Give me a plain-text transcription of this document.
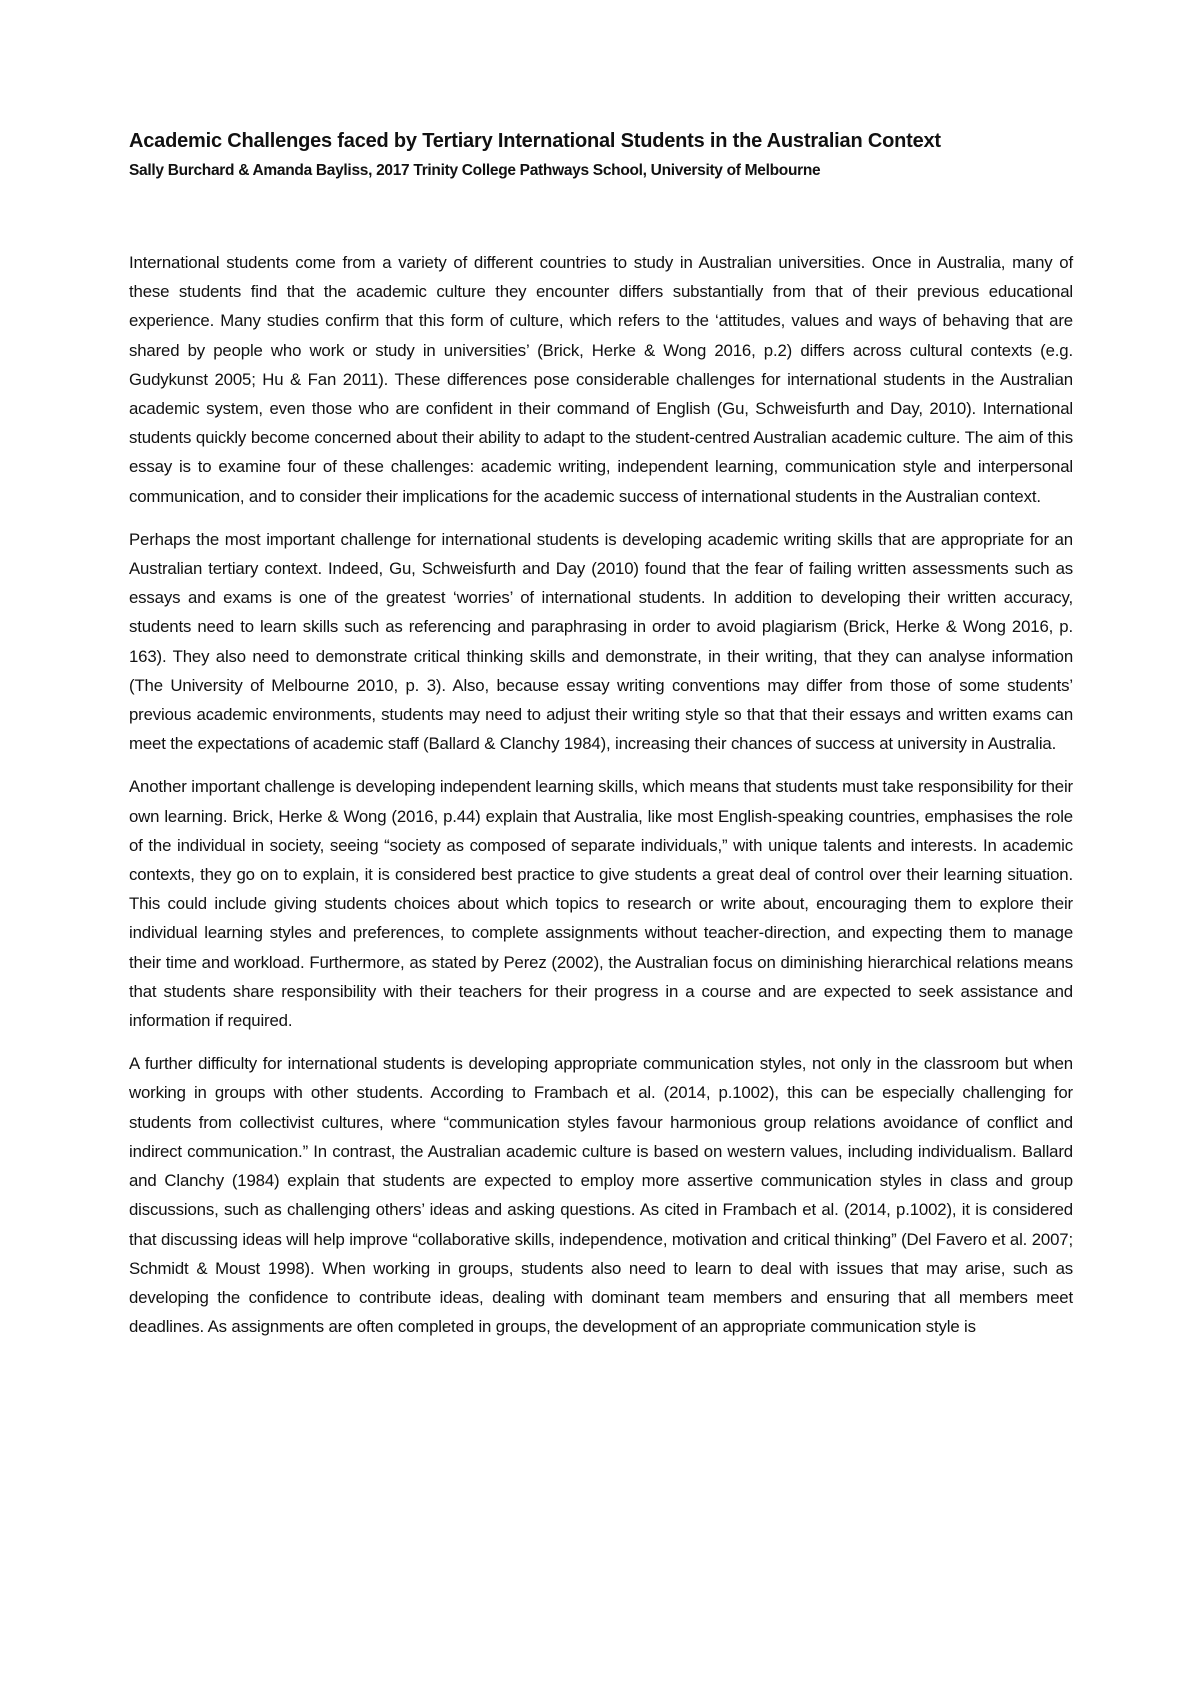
Academic Challenges faced by Tertiary International Students in the Australian Context
Sally Burchard & Amanda Bayliss, 2017 Trinity College Pathways School, University of Melbourne

International students come from a variety of different countries to study in Australian universities. Once in Australia, many of these students find that the academic culture they encounter differs substantially from that of their previous educational experience. Many studies confirm that this form of culture, which refers to the ‘attitudes, values and ways of behaving that are shared by people who work or study in universities’ (Brick, Herke & Wong 2016, p.2) differs across cultural contexts (e.g. Gudykunst 2005; Hu & Fan 2011). These differences pose considerable challenges for international students in the Australian academic system, even those who are confident in their command of English (Gu, Schweisfurth and Day, 2010). International students quickly become concerned about their ability to adapt to the student-centred Australian academic culture. The aim of this essay is to examine four of these challenges: academic writing, independent learning, communication style and interpersonal communication, and to consider their implications for the academic success of international students in the Australian context.

Perhaps the most important challenge for international students is developing academic writing skills that are appropriate for an Australian tertiary context. Indeed, Gu, Schweisfurth and Day (2010) found that the fear of failing written assessments such as essays and exams is one of the greatest ‘worries’ of international students. In addition to developing their written accuracy, students need to learn skills such as referencing and paraphrasing in order to avoid plagiarism (Brick, Herke & Wong 2016, p. 163). They also need to demonstrate critical thinking skills and demonstrate, in their writing, that they can analyse information (The University of Melbourne 2010, p. 3). Also, because essay writing conventions may differ from those of some students’ previous academic environments, students may need to adjust their writing style so that that their essays and written exams can meet the expectations of academic staff (Ballard & Clanchy 1984), increasing their chances of success at university in Australia.

Another important challenge is developing independent learning skills, which means that students must take responsibility for their own learning. Brick, Herke & Wong (2016, p.44) explain that Australia, like most English-speaking countries, emphasises the role of the individual in society, seeing “society as composed of separate individuals,” with unique talents and interests. In academic contexts, they go on to explain, it is considered best practice to give students a great deal of control over their learning situation. This could include giving students choices about which topics to research or write about, encouraging them to explore their individual learning styles and preferences, to complete assignments without teacher-direction, and expecting them to manage their time and workload. Furthermore, as stated by Perez (2002), the Australian focus on diminishing hierarchical relations means that students share responsibility with their teachers for their progress in a course and are expected to seek assistance and information if required.

A further difficulty for international students is developing appropriate communication styles, not only in the classroom but when working in groups with other students. According to Frambach et al. (2014, p.1002), this can be especially challenging for students from collectivist cultures, where “communication styles favour harmonious group relations avoidance of conflict and indirect communication.” In contrast, the Australian academic culture is based on western values, including individualism. Ballard and Clanchy (1984) explain that students are expected to employ more assertive communication styles in class and group discussions, such as challenging others’ ideas and asking questions. As cited in Frambach et al. (2014, p.1002), it is considered that discussing ideas will help improve “collaborative skills, independence, motivation and critical thinking” (Del Favero et al. 2007; Schmidt & Moust 1998). When working in groups, students also need to learn to deal with issues that may arise, such as developing the confidence to contribute ideas, dealing with dominant team members and ensuring that all members meet deadlines. As assignments are often completed in groups, the development of an appropriate communication style is
